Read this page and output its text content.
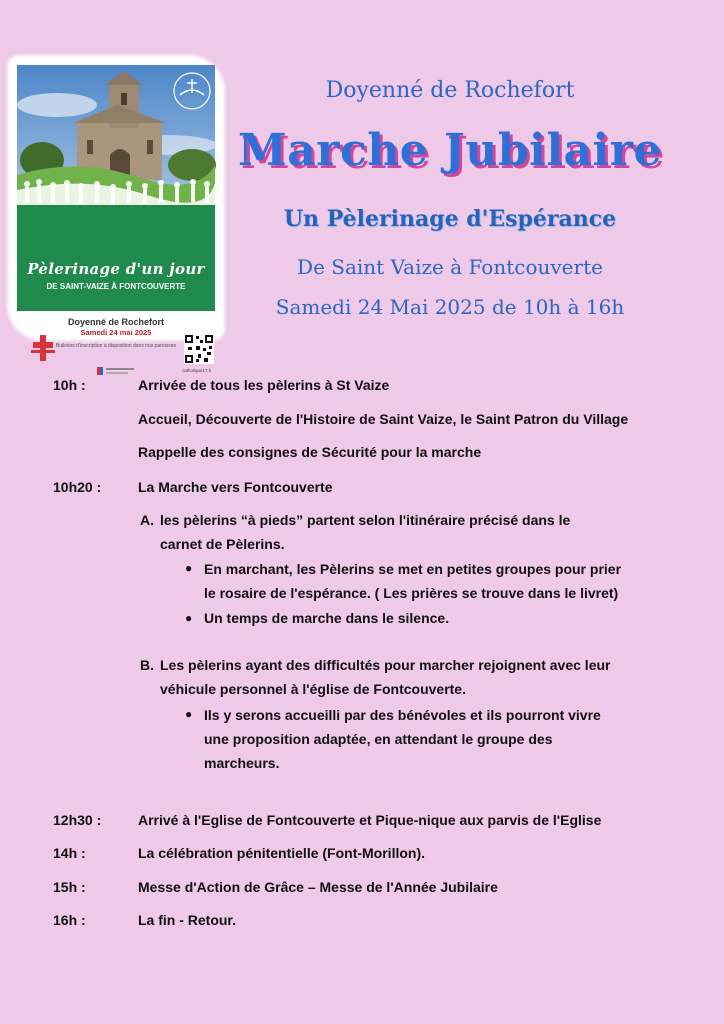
Pèlerinage d'un jour
DE SAINT-VAIZE À FONTCOUVERTE
Doyenné de Rochefort
Samedi 24 mai 2025
Bulletins d'inscription à disposition dans nos paroisses
catholique17.fr
Doyenné de Rochefort
Marche Jubilaire
Un Pèlerinage d'Espérance
De Saint Vaize à Fontcouverte
Samedi 24 Mai 2025 de 10h à 16h
10h :	Arrivée de tous les pèlerins à St Vaize
Accueil, Découverte de l'Histoire de Saint Vaize, le Saint Patron du Village
Rappelle des consignes de Sécurité pour la marche
10h20 :	La Marche vers Fontcouverte
A. les pèlerins “à pieds” partent selon l'itinéraire précisé dans le
carnet de Pèlerins.
● En marchant, les Pèlerins se met en petites groupes pour prier
le rosaire de l'espérance. ( Les prières se trouve dans le livret)
● Un temps de marche dans le silence.
B. Les pèlerins ayant des difficultés pour marcher rejoignent avec leur
véhicule personnel à l'église de Fontcouverte.
● Ils y serons accueilli par des bénévoles et ils pourront vivre
une proposition adaptée, en attendant le groupe des
marcheurs.
12h30 :	Arrivé à l'Eglise de Fontcouverte et Pique-nique aux parvis de l'Eglise
14h :	La célébration pénitentielle (Font-Morillon).
15h :	Messe d'Action de Grâce – Messe de l'Année Jubilaire
16h :	La fin - Retour.
